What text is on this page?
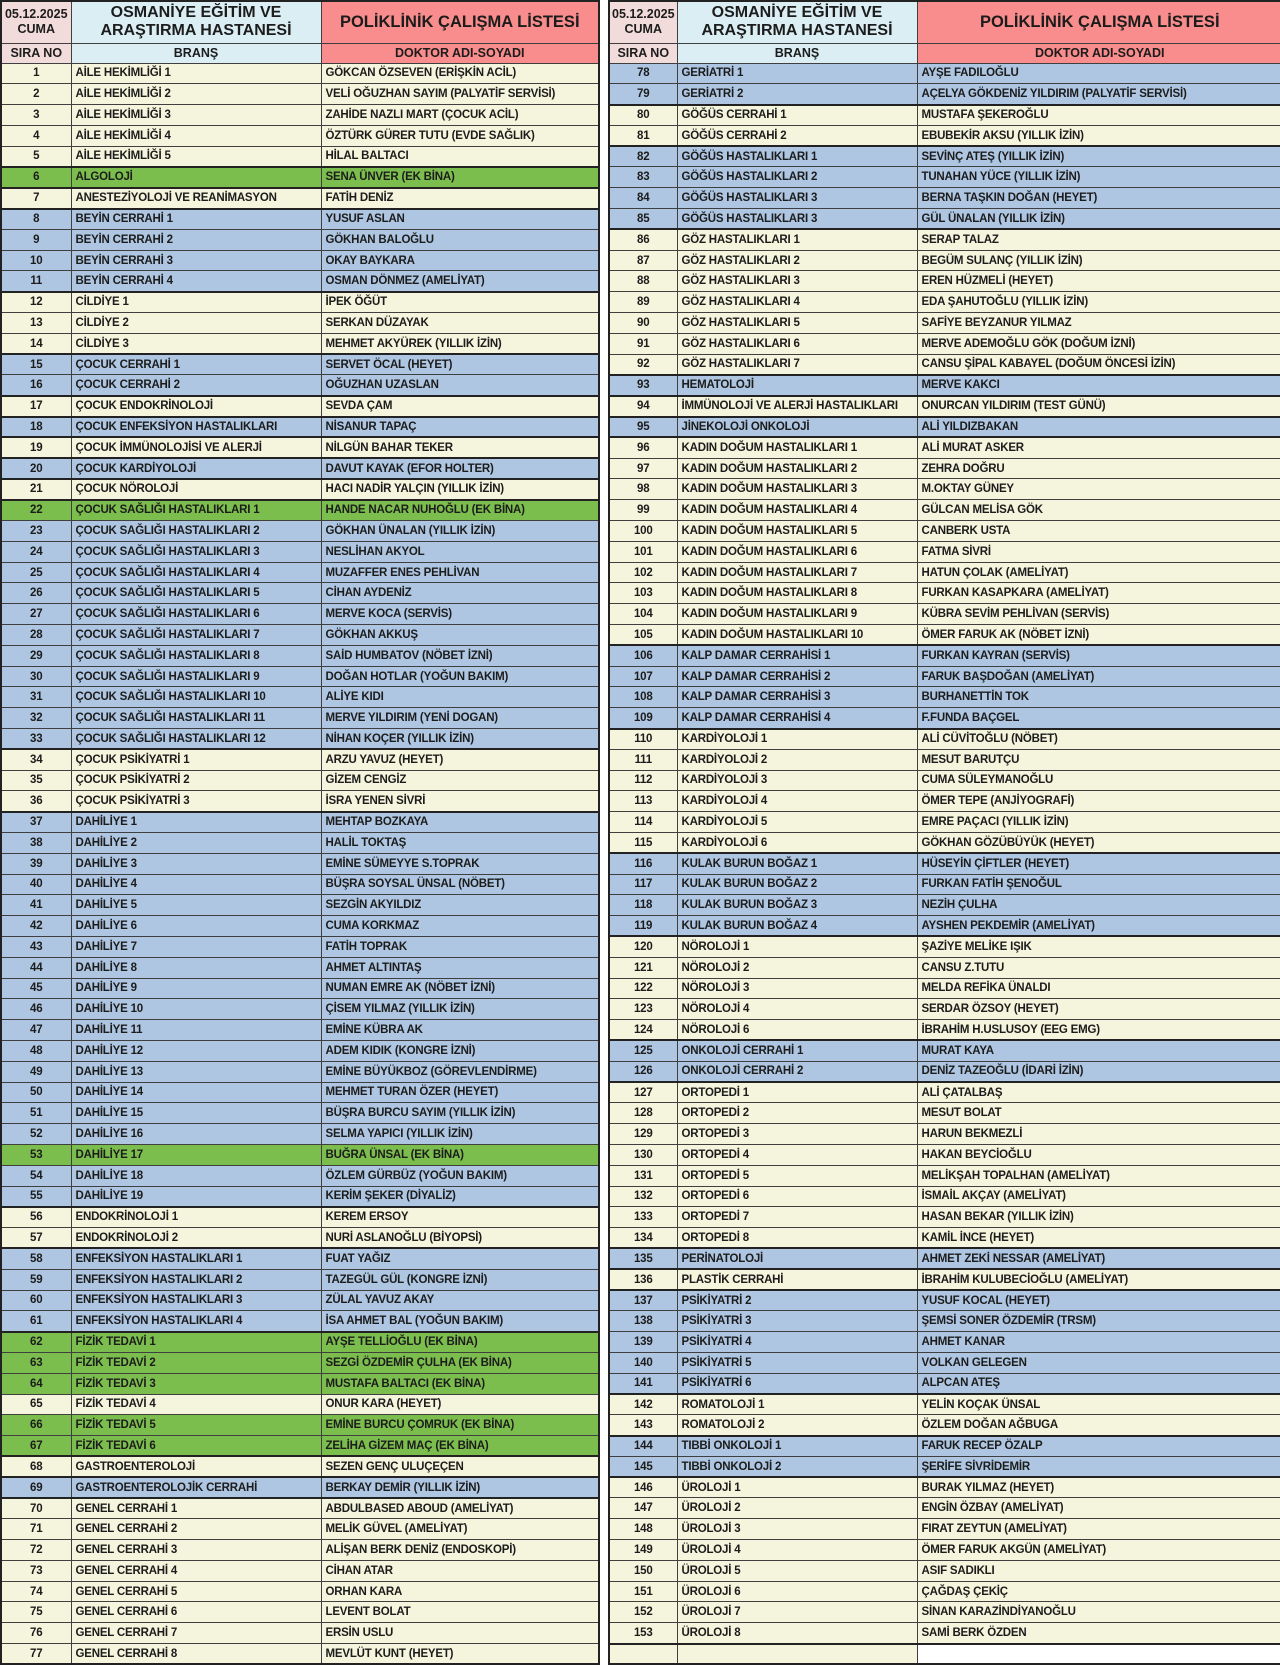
05.12.2025
CUMA	OSMANİYE EĞİTİM VE ARAŞTIRMA HASTANESİ	POLİKLİNİK ÇALIŞMA LİSTESİ
SIRA NO	BRANŞ	DOKTOR ADI-SOYADI
1	AİLE HEKİMLİĞİ 1	GÖKCAN ÖZSEVEN (ERİŞKİN ACİL)
2	AİLE HEKİMLİĞİ 2	VELİ OĞUZHAN SAYIM (PALYATİF SERVİSİ)
3	AİLE HEKİMLİĞİ 3	ZAHİDE NAZLI MART (ÇOCUK ACİL)
4	AİLE HEKİMLİĞİ 4	ÖZTÜRK GÜRER TUTU (EVDE SAĞLIK)
5	AİLE HEKİMLİĞİ 5	HİLAL BALTACI
6	ALGOLOJİ	SENA ÜNVER (EK BİNA)
7	ANESTEZİYOLOJİ VE REANİMASYON	FATİH DENİZ
8	BEYİN CERRAHİ 1	YUSUF ASLAN
9	BEYİN CERRAHİ 2	GÖKHAN BALOĞLU
10	BEYİN CERRAHİ 3	OKAY BAYKARA
11	BEYİN CERRAHİ 4	OSMAN DÖNMEZ (AMELİYAT)
12	CİLDİYE 1	İPEK ÖĞÜT
13	CİLDİYE 2	SERKAN DÜZAYAK
14	CİLDİYE 3	MEHMET AKYÜREK (YILLIK İZİN)
15	ÇOCUK CERRAHİ 1	SERVET ÖCAL (HEYET)
16	ÇOCUK CERRAHİ 2	OĞUZHAN UZASLAN
17	ÇOCUK ENDOKRİNOLOJİ	SEVDA ÇAM
18	ÇOCUK ENFEKSİYON HASTALIKLARI	NİSANUR TAPAÇ
19	ÇOCUK İMMÜNOLOJİSİ VE ALERJİ	NİLGÜN BAHAR TEKER
20	ÇOCUK KARDİYOLOJİ	DAVUT KAYAK (EFOR HOLTER)
21	ÇOCUK NÖROLOJİ	HACI NADİR YALÇIN (YILLIK İZİN)
22	ÇOCUK SAĞLIĞI HASTALIKLARI 1	HANDE NACAR NUHOĞLU (EK BİNA)
23	ÇOCUK SAĞLIĞI HASTALIKLARI 2	GÖKHAN ÜNALAN (YILLIK İZİN)
24	ÇOCUK SAĞLIĞI HASTALIKLARI 3	NESLİHAN AKYOL
25	ÇOCUK SAĞLIĞI HASTALIKLARI 4	MUZAFFER ENES PEHLİVAN
26	ÇOCUK SAĞLIĞI HASTALIKLARI 5	CİHAN AYDENİZ
27	ÇOCUK SAĞLIĞI HASTALIKLARI 6	MERVE KOCA (SERVİS)
28	ÇOCUK SAĞLIĞI HASTALIKLARI 7	GÖKHAN AKKUŞ
29	ÇOCUK SAĞLIĞI HASTALIKLARI 8	SAİD HUMBATOV (NÖBET İZNİ)
30	ÇOCUK SAĞLIĞI HASTALIKLARI 9	DOĞAN HOTLAR (YOĞUN BAKIM)
31	ÇOCUK SAĞLIĞI HASTALIKLARI 10	ALİYE KIDI
32	ÇOCUK SAĞLIĞI HASTALIKLARI 11	MERVE YILDIRIM (YENİ DOGAN)
33	ÇOCUK SAĞLIĞI HASTALIKLARI 12	NİHAN KOÇER (YILLIK İZİN)
34	ÇOCUK PSİKİYATRİ 1	ARZU YAVUZ (HEYET)
35	ÇOCUK PSİKİYATRİ 2	GİZEM CENGİZ
36	ÇOCUK PSİKİYATRİ 3	İSRA YENEN SİVRİ
37	DAHİLİYE 1	MEHTAP BOZKAYA
38	DAHİLİYE 2	HALİL TOKTAŞ
39	DAHİLİYE 3	EMİNE SÜMEYYE S.TOPRAK
40	DAHİLİYE 4	BÜŞRA SOYSAL ÜNSAL (NÖBET)
41	DAHİLİYE 5	SEZGİN AKYILDIZ
42	DAHİLİYE 6	CUMA KORKMAZ
43	DAHİLİYE 7	FATİH TOPRAK
44	DAHİLİYE 8	AHMET ALTINTAŞ
45	DAHİLİYE 9	NUMAN EMRE AK (NÖBET İZNİ)
46	DAHİLİYE 10	ÇİSEM YILMAZ (YILLIK İZİN)
47	DAHİLİYE 11	EMİNE KÜBRA AK
48	DAHİLİYE 12	ADEM KIDIK (KONGRE İZNİ)
49	DAHİLİYE 13	EMİNE BÜYÜKBOZ (GÖREVLENDİRME)
50	DAHİLİYE 14	MEHMET TURAN ÖZER (HEYET)
51	DAHİLİYE 15	BÜŞRA BURCU SAYIM (YILLIK İZİN)
52	DAHİLİYE 16	SELMA YAPICI (YILLIK İZİN)
53	DAHİLİYE 17	BUĞRA ÜNSAL (EK BİNA)
54	DAHİLİYE 18	ÖZLEM GÜRBÜZ (YOĞUN BAKIM)
55	DAHİLİYE 19	KERİM ŞEKER (DİYALİZ)
56	ENDOKRİNOLOJİ 1	KEREM ERSOY
57	ENDOKRİNOLOJİ 2	NURİ ASLANOĞLU (BİYOPSİ)
58	ENFEKSİYON HASTALIKLARI 1	FUAT YAĞIZ
59	ENFEKSİYON HASTALIKLARI 2	TAZEGÜL GÜL (KONGRE İZNİ)
60	ENFEKSİYON HASTALIKLARI 3	ZÜLAL YAVUZ AKAY
61	ENFEKSİYON HASTALIKLARI 4	İSA AHMET BAL (YOĞUN BAKIM)
62	FİZİK TEDAVİ 1	AYŞE TELLİOĞLU (EK BİNA)
63	FİZİK TEDAVİ 2	SEZGİ ÖZDEMİR ÇULHA (EK BİNA)
64	FİZİK TEDAVİ 3	MUSTAFA BALTACI (EK BİNA)
65	FİZİK TEDAVİ 4	ONUR KARA (HEYET)
66	FİZİK TEDAVİ 5	EMİNE BURCU ÇOMRUK (EK BİNA)
67	FİZİK TEDAVİ 6	ZELİHA GİZEM MAÇ (EK BİNA)
68	GASTROENTEROLOJİ	SEZEN GENÇ ULUÇEÇEN
69	GASTROENTEROLOJİK CERRAHİ	BERKAY DEMİR (YILLIK İZİN)
70	GENEL CERRAHİ 1	ABDULBASED ABOUD (AMELİYAT)
71	GENEL CERRAHİ 2	MELİK GÜVEL (AMELİYAT)
72	GENEL CERRAHİ 3	ALİŞAN BERK DENİZ (ENDOSKOPİ)
73	GENEL CERRAHİ 4	CİHAN ATAR
74	GENEL CERRAHİ 5	ORHAN KARA
75	GENEL CERRAHİ 6	LEVENT BOLAT
76	GENEL CERRAHİ 7	ERSİN USLU
77	GENEL CERRAHİ 8	MEVLÜT KUNT (HEYET)
05.12.2025
CUMA	OSMANİYE EĞİTİM VE ARAŞTIRMA HASTANESİ	POLİKLİNİK ÇALIŞMA LİSTESİ
SIRA NO	BRANŞ	DOKTOR ADI-SOYADI
78	GERİATRİ 1	AYŞE FADILOĞLU
79	GERİATRİ 2	AÇELYA GÖKDENİZ YILDIRIM (PALYATİF SERVİSİ)
80	GÖĞÜS CERRAHİ 1	MUSTAFA ŞEKEROĞLU
81	GÖĞÜS CERRAHİ 2	EBUBEKİR AKSU (YILLIK İZİN)
82	GÖĞÜS HASTALIKLARI 1	SEVİNÇ ATEŞ (YILLIK İZİN)
83	GÖĞÜS HASTALIKLARI 2	TUNAHAN YÜCE (YILLIK İZİN)
84	GÖĞÜS HASTALIKLARI 3	BERNA TAŞKIN DOĞAN (HEYET)
85	GÖĞÜS HASTALIKLARI 3	GÜL ÜNALAN (YILLIK İZİN)
86	GÖZ HASTALIKLARI 1	SERAP TALAZ
87	GÖZ HASTALIKLARI 2	BEGÜM SULANÇ (YILLIK İZİN)
88	GÖZ HASTALIKLARI 3	EREN HÜZMELİ (HEYET)
89	GÖZ HASTALIKLARI 4	EDA ŞAHUTOĞLU (YILLIK İZİN)
90	GÖZ HASTALIKLARI 5	SAFİYE BEYZANUR YILMAZ
91	GÖZ HASTALIKLARI 6	MERVE ADEMOĞLU GÖK (DOĞUM İZNİ)
92	GÖZ HASTALIKLARI 7	CANSU ŞİPAL KABAYEL (DOĞUM ÖNCESİ İZİN)
93	HEMATOLOJİ	MERVE KAKCI
94	İMMÜNOLOJİ VE ALERJİ HASTALIKLARI	ONURCAN YILDIRIM (TEST GÜNÜ)
95	JİNEKOLOJİ ONKOLOJİ	ALİ YILDIZBAKAN
96	KADIN DOĞUM HASTALIKLARI 1	ALİ MURAT ASKER
97	KADIN DOĞUM HASTALIKLARI 2	ZEHRA DOĞRU
98	KADIN DOĞUM HASTALIKLARI 3	M.OKTAY GÜNEY
99	KADIN DOĞUM HASTALIKLARI 4	GÜLCAN MELİSA GÖK
100	KADIN DOĞUM HASTALIKLARI 5	CANBERK USTA
101	KADIN DOĞUM HASTALIKLARI 6	FATMA SİVRİ
102	KADIN DOĞUM HASTALIKLARI 7	HATUN ÇOLAK (AMELİYAT)
103	KADIN DOĞUM HASTALIKLARI 8	FURKAN KASAPKARA (AMELİYAT)
104	KADIN DOĞUM HASTALIKLARI 9	KÜBRA SEVİM PEHLİVAN (SERVİS)
105	KADIN DOĞUM HASTALIKLARI 10	ÖMER FARUK AK (NÖBET İZNİ)
106	KALP DAMAR CERRAHİSİ 1	FURKAN KAYRAN (SERVİS)
107	KALP DAMAR CERRAHİSİ 2	FARUK BAŞDOĞAN (AMELİYAT)
108	KALP DAMAR CERRAHİSİ 3	BURHANETTİN TOK
109	KALP DAMAR CERRAHİSİ 4	F.FUNDA BAÇGEL
110	KARDİYOLOJİ 1	ALİ CÜVİTOĞLU (NÖBET)
111	KARDİYOLOJİ 2	MESUT BARUTÇU
112	KARDİYOLOJİ 3	CUMA SÜLEYMANOĞLU
113	KARDİYOLOJİ 4	ÖMER TEPE (ANJİYOGRAFİ)
114	KARDİYOLOJİ 5	EMRE PAÇACI (YILLIK İZİN)
115	KARDİYOLOJİ 6	GÖKHAN GÖZÜBÜYÜK (HEYET)
116	KULAK BURUN BOĞAZ 1	HÜSEYİN ÇİFTLER (HEYET)
117	KULAK BURUN BOĞAZ 2	FURKAN FATİH ŞENOĞUL
118	KULAK BURUN BOĞAZ 3	NEZİH ÇULHA
119	KULAK BURUN BOĞAZ 4	AYSHEN PEKDEMİR (AMELİYAT)
120	NÖROLOJİ 1	ŞAZİYE MELİKE IŞIK
121	NÖROLOJİ 2	CANSU Z.TUTU
122	NÖROLOJİ 3	MELDA REFİKA ÜNALDI
123	NÖROLOJİ 4	SERDAR ÖZSOY (HEYET)
124	NÖROLOJİ 6	İBRAHİM H.USLUSOY (EEG EMG)
125	ONKOLOJİ CERRAHİ 1	MURAT KAYA
126	ONKOLOJİ CERRAHİ 2	DENİZ TAZEOĞLU (İDARİ İZİN)
127	ORTOPEDİ 1	ALİ ÇATALBAŞ
128	ORTOPEDİ 2	MESUT BOLAT
129	ORTOPEDİ 3	HARUN BEKMEZLİ
130	ORTOPEDİ 4	HAKAN BEYCİOĞLU
131	ORTOPEDİ 5	MELİKŞAH TOPALHAN (AMELİYAT)
132	ORTOPEDİ 6	İSMAİL AKÇAY (AMELİYAT)
133	ORTOPEDİ 7	HASAN BEKAR (YILLIK İZİN)
134	ORTOPEDİ 8	KAMİL İNCE (HEYET)
135	PERİNATOLOJİ	AHMET ZEKİ NESSAR (AMELİYAT)
136	PLASTİK CERRAHİ	İBRAHİM KULUBECİOĞLU (AMELİYAT)
137	PSİKİYATRİ 2	YUSUF KOCAL (HEYET)
138	PSİKİYATRİ 3	ŞEMSİ SONER ÖZDEMİR (TRSM)
139	PSİKİYATRİ 4	AHMET KANAR
140	PSİKİYATRİ 5	VOLKAN GELEGEN
141	PSİKİYATRİ 6	ALPCAN ATEŞ
142	ROMATOLOJİ 1	YELİN KOÇAK ÜNSAL
143	ROMATOLOJİ 2	ÖZLEM DOĞAN AĞBUGA
144	TIBBİ ONKOLOJİ 1	FARUK RECEP ÖZALP
145	TIBBİ ONKOLOJİ 2	ŞERİFE SİVRİDEMİR
146	ÜROLOJİ 1	BURAK YILMAZ (HEYET)
147	ÜROLOJİ 2	ENGİN ÖZBAY (AMELİYAT)
148	ÜROLOJİ 3	FIRAT ZEYTUN (AMELİYAT)
149	ÜROLOJİ 4	ÖMER FARUK AKGÜN (AMELİYAT)
150	ÜROLOJİ 5	ASIF SADIKLI
151	ÜROLOJİ 6	ÇAĞDAŞ ÇEKİÇ
152	ÜROLOJİ 7	SİNAN KARAZİNDİYANOĞLU
153	ÜROLOJİ 8	SAMİ BERK ÖZDEN
